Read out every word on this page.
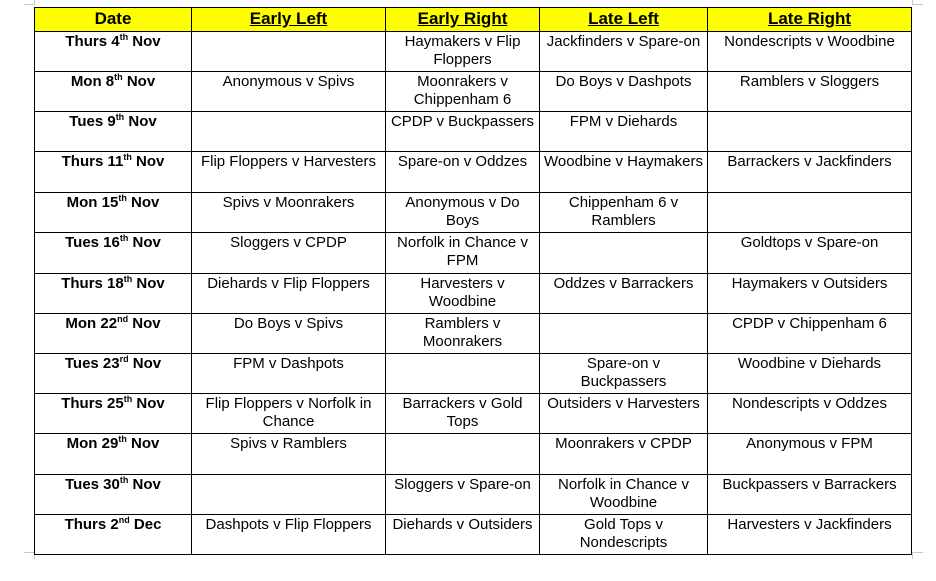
Date	Early Left	Early Right	Late Left	Late Right
Thurs 4th Nov		Haymakers v Flip Floppers	Jackfinders v Spare-on	Nondescripts v Woodbine
Mon 8th Nov	Anonymous v Spivs	Moonrakers v Chippenham 6	Do Boys v Dashpots	Ramblers v Sloggers
Tues 9th Nov		CPDP v Buckpassers	FPM v Diehards	
Thurs 11th Nov	Flip Floppers v Harvesters	Spare-on v Oddzes	Woodbine v Haymakers	Barrackers v Jackfinders
Mon 15th Nov	Spivs v Moonrakers	Anonymous v Do Boys	Chippenham 6 v Ramblers	
Tues 16th Nov	Sloggers v CPDP	Norfolk in Chance v FPM		Goldtops v Spare-on
Thurs 18th Nov	Diehards v Flip Floppers	Harvesters v Woodbine	Oddzes v Barrackers	Haymakers v Outsiders
Mon 22nd Nov	Do Boys v Spivs	Ramblers v Moonrakers		CPDP v Chippenham 6
Tues 23rd Nov	FPM v Dashpots		Spare-on v Buckpassers	Woodbine v Diehards
Thurs 25th Nov	Flip Floppers v Norfolk in Chance	Barrackers v Gold Tops	Outsiders v Harvesters	Nondescripts v Oddzes
Mon 29th Nov	Spivs v Ramblers		Moonrakers v CPDP	Anonymous v FPM
Tues 30th Nov		Sloggers v Spare-on	Norfolk in Chance v Woodbine	Buckpassers v Barrackers
Thurs 2nd Dec	Dashpots v Flip Floppers	Diehards v Outsiders	Gold Tops v Nondescripts	Harvesters v Jackfinders
